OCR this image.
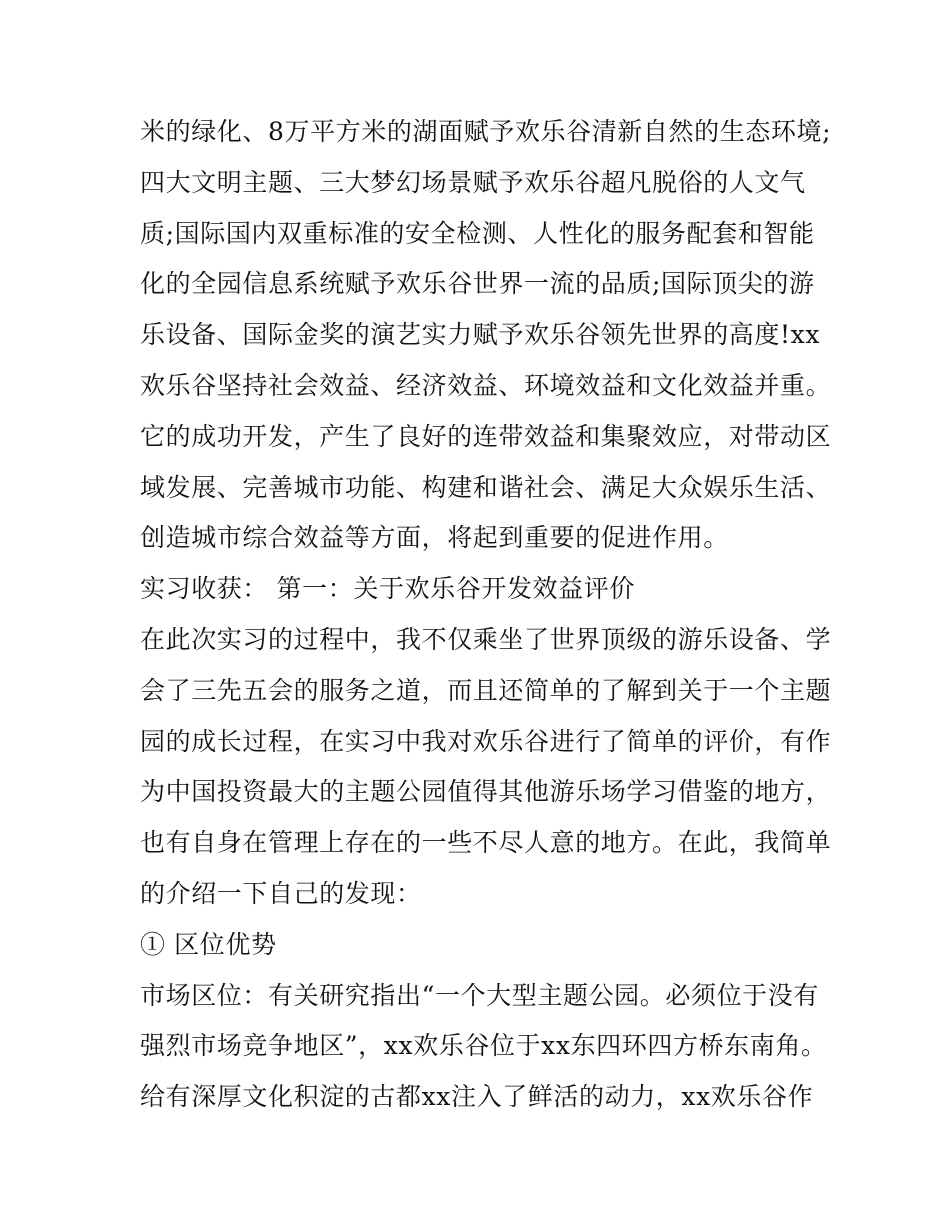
米的绿化、8万平方米的湖面赋予欢乐谷清新自然的生态环境;
四大文明主题、三大梦幻场景赋予欢乐谷超凡脱俗的人文气
质;国际国内双重标准的安全检测、人性化的服务配套和智能
化的全园信息系统赋予欢乐谷世界一流的品质;国际顶尖的游
乐设备、国际金奖的演艺实力赋予欢乐谷领先世界的高度!xx
欢乐谷坚持社会效益、经济效益、环境效益和文化效益并重。
它的成功开发，产生了良好的连带效益和集聚效应，对带动区
域发展、完善城市功能、构建和谐社会、满足大众娱乐生活、
创造城市综合效益等方面，将起到重要的促进作用。
实习收获： 第一：关于欢乐谷开发效益评价
在此次实习的过程中，我不仅乘坐了世界顶级的游乐设备、学
会了三先五会的服务之道，而且还简单的了解到关于一个主题
园的成长过程，在实习中我对欢乐谷进行了简单的评价，有作
为中国投资最大的主题公园值得其他游乐场学习借鉴的地方，
也有自身在管理上存在的一些不尽人意的地方。在此，我简单
的介绍一下自己的发现：
① 区位优势
市场区位：有关研究指出“一个大型主题公园。必须位于没有
强烈市场竞争地区”，xx欢乐谷位于xx东四环四方桥东南角。
给有深厚文化积淀的古都xx注入了鲜活的动力，xx欢乐谷作
